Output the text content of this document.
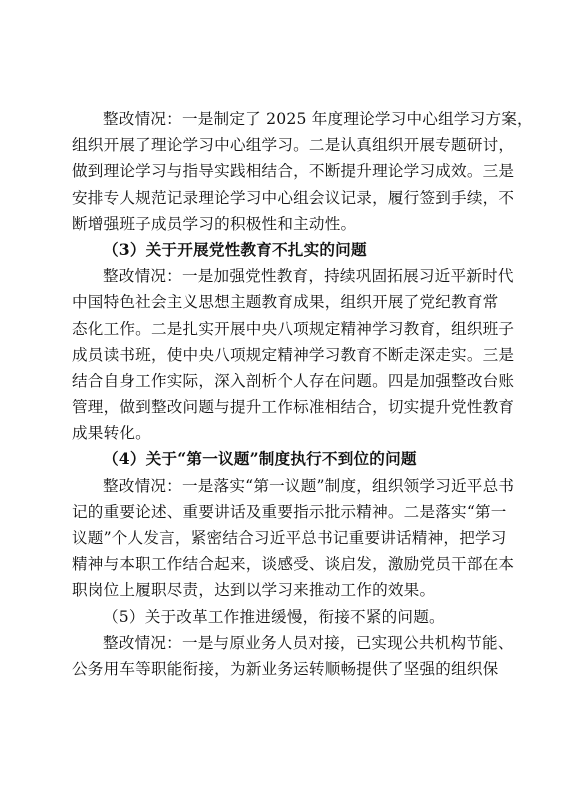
整改情况：一是制定了 2025 年度理论学习中心组学习方案，
组织开展了理论学习中心组学习。二是认真组织开展专题研讨，
做到理论学习与指导实践相结合，不断提升理论学习成效。三是
安排专人规范记录理论学习中心组会议记录，履行签到手续，不
断增强班子成员学习的积极性和主动性。
（3）关于开展党性教育不扎实的问题
整改情况：一是加强党性教育，持续巩固拓展习近平新时代
中国特色社会主义思想主题教育成果，组织开展了党纪教育常
态化工作。二是扎实开展中央八项规定精神学习教育，组织班子
成员读书班，使中央八项规定精神学习教育不断走深走实。三是
结合自身工作实际，深入剖析个人存在问题。四是加强整改台账
管理，做到整改问题与提升工作标准相结合，切实提升党性教育
成果转化。
（4）关于“第一议题”制度执行不到位的问题
整改情况：一是落实“第一议题”制度，组织领学习近平总书
记的重要论述、重要讲话及重要指示批示精神。二是落实“第一
议题”个人发言，紧密结合习近平总书记重要讲话精神，把学习
精神与本职工作结合起来，谈感受、谈启发，激励党员干部在本
职岗位上履职尽责，达到以学习来推动工作的效果。
（5）关于改革工作推进缓慢，衔接不紧的问题。
整改情况：一是与原业务人员对接，已实现公共机构节能、
公务用车等职能衔接，为新业务运转顺畅提供了坚强的组织保
